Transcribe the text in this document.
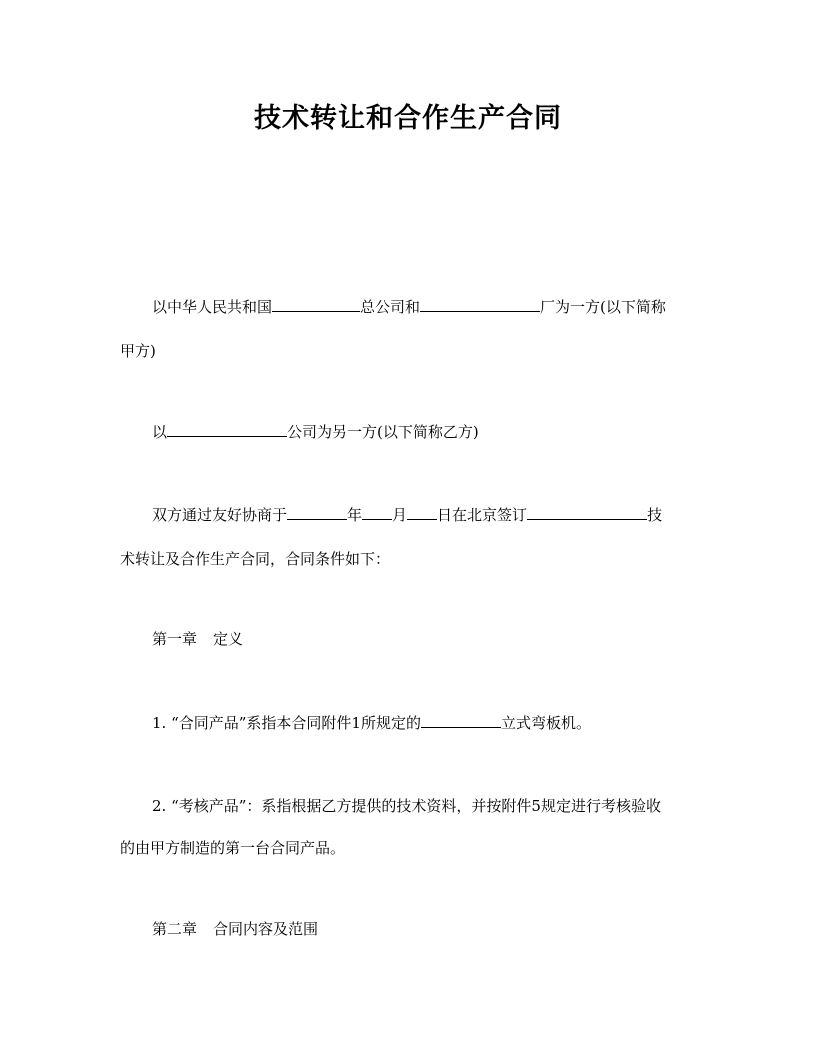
技术转让和合作生产合同
以中华人民共和国	总公司和	厂为一方(以下简称
甲方)
以	公司为另一方(以下简称乙方)
双方通过友好协商于	年 月 日在北京签订	技
术转让及合作生产合同，合同条件如下：
第一章 定义
1. “合同产品”系指本合同附件1所规定的	立式弯板机。
2. “考核产品”：系指根据乙方提供的技术资料，并按附件5规定进行考核验收
的由甲方制造的第一台合同产品。
第二章 合同内容及范围
